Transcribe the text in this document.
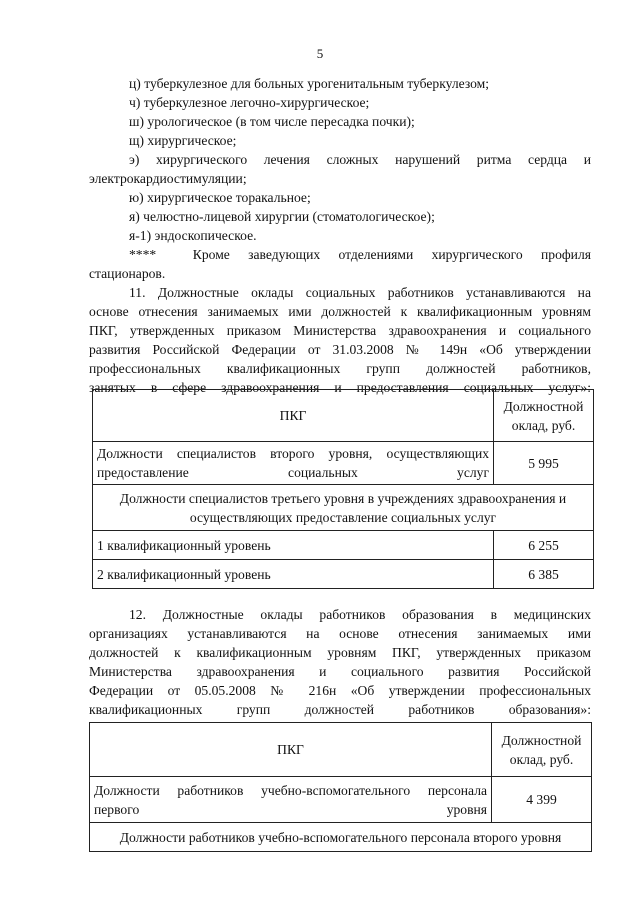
5
ц) туберкулезное для больных урогенитальным туберкулезом;
ч) туберкулезное легочно-хирургическое;
ш) урологическое (в том числе пересадка почки);
щ) хирургическое;
э) хирургического лечения сложных нарушений ритма сердца и
электрокардиостимуляции;
ю) хирургическое торакальное;
я) челюстно-лицевой хирургии (стоматологическое);
я-1) эндоскопическое.
****  Кроме заведующих отделениями хирургического профиля
стационаров.
11. Должностные оклады социальных работников устанавливаются на
основе отнесения занимаемых ими должностей к квалификационным уровням
ПКГ, утвержденных приказом Министерства здравоохранения и социального
развития Российской Федерации от 31.03.2008 № 149н «Об утверждении
профессиональных квалификационных групп должностей работников,
занятых в сфере здравоохранения и предоставления социальных услуг»:
ПКГ	Должностной оклад, руб.
Должности специалистов второго уровня, осуществляющих предоставление социальных услуг	5 995
Должности специалистов третьего уровня в учреждениях здравоохранения и осуществляющих предоставление социальных услуг	
1 квалификационный уровень	6 255
2 квалификационный уровень	6 385
12. Должностные оклады работников образования в медицинских
организациях устанавливаются на основе отнесения занимаемых ими
должностей к квалификационным уровням ПКГ, утвержденных приказом
Министерства здравоохранения и социального развития Российской
Федерации от 05.05.2008 № 216н «Об утверждении профессиональных
квалификационных групп должностей работников образования»:
ПКГ	Должностной оклад, руб.
Должности работников учебно-вспомогательного персонала первого уровня	4 399
Должности работников учебно-вспомогательного персонала второго уровня	
